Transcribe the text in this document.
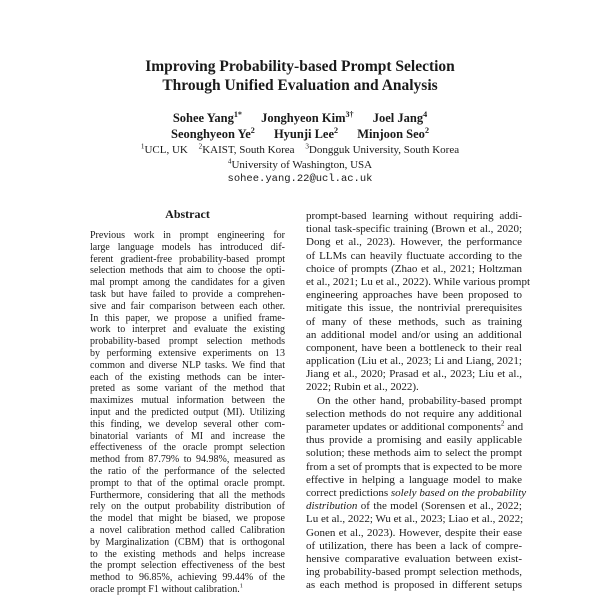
Improving Probability-based Prompt Selection
Through Unified Evaluation and Analysis
Sohee Yang$^{1*}$ Jonghyeon Kim$^{3\dagger}$ Joel Jang$^4$
Seonghyeon Ye$^2$ Hyunji Lee$^2$ Minjoon Seo$^2$
$^1$UCL, UK $^2$KAIST, South Korea $^3$Dongguk University, South Korea
$^4$University of Washington, USA
sohee.yang.22@ucl.ac.uk
Abstract
Previous work in prompt engineering for
large language models has introduced dif-
ferent gradient-free probability-based prompt
selection methods that aim to choose the opti-
mal prompt among the candidates for a given
task but have failed to provide a comprehen-
sive and fair comparison between each other.
In this paper, we propose a unified frame-
work to interpret and evaluate the existing
probability-based prompt selection methods
by performing extensive experiments on 13
common and diverse NLP tasks. We find that
each of the existing methods can be inter-
preted as some variant of the method that
maximizes mutual information between the
input and the predicted output (MI). Utilizing
this finding, we develop several other com-
binatorial variants of MI and increase the
effectiveness of the oracle prompt selection
method from 87.79% to 94.98%, measured as
the ratio of the performance of the selected
prompt to that of the optimal oracle prompt.
Furthermore, considering that all the methods
rely on the output probability distribution of
the model that might be biased, we propose
a novel calibration method called Calibration
by Marginalization (CBM) that is orthogonal
to the existing methods and helps increase
the prompt selection effectiveness of the best
method to 96.85%, achieving 99.44% of the
oracle prompt F1 without calibration.$^1$
prompt-based learning without requiring addi-
tional task-specific training (Brown et al., 2020;
Dong et al., 2023). However, the performance
of LLMs can heavily fluctuate according to the
choice of prompts (Zhao et al., 2021; Holtzman
et al., 2021; Lu et al., 2022). While various prompt
engineering approaches have been proposed to
mitigate this issue, the nontrivial prerequisites
of many of these methods, such as training
an additional model and/or using an additional
component, have been a bottleneck to their real
application (Liu et al., 2023; Li and Liang, 2021;
Jiang et al., 2020; Prasad et al., 2023; Liu et al.,
2022; Rubin et al., 2022).
On the other hand, probability-based prompt
selection methods do not require any additional
parameter updates or additional components$^2$ and
thus provide a promising and easily applicable
solution; these methods aim to select the prompt
from a set of prompts that is expected to be more
effective in helping a language model to make
correct predictions solely based on the probability
distribution of the model (Sorensen et al., 2022;
Lu et al., 2022; Wu et al., 2023; Liao et al., 2022;
Gonen et al., 2023). However, despite their ease
of utilization, there has been a lack of compre-
hensive comparative evaluation between exist-
ing probability-based prompt selection methods,
as each method is proposed in different setups
